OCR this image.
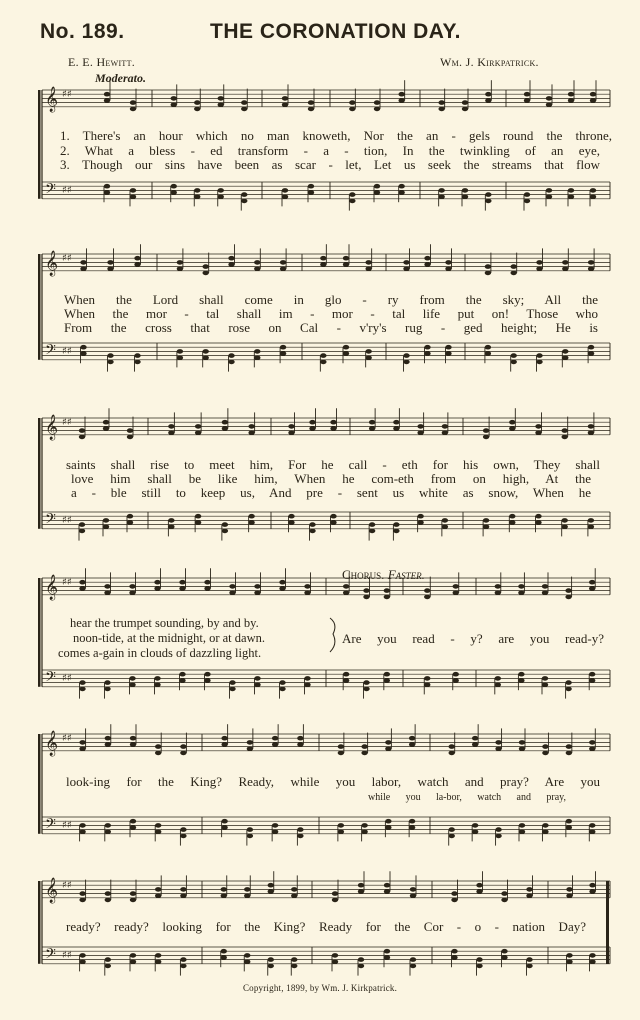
No. 189.	THE CORONATION DAY.
E. E. Hewitt.	Wm. J. Kirkpatrick.
Moderato.
𝄞
𝄢
♯♯
♯♯
𝄞
𝄢
♯♯
♯♯
𝄞
𝄢
♯♯
♯♯
𝄞
𝄢
♯♯
♯♯
𝄞
𝄢
♯♯
♯♯
𝄞
𝄢
♯♯
♯♯
1. There's an hour which no man knoweth, Nor the an - gels round the throne,
2. What a bless - ed transform - a - tion, In the twinkling of an eye,
3. Though our sins have been as scar - let, Let us seek the streams that flow
When the Lord shall come in glo - ry from the sky; All the
When the mor - tal shall im - mor - tal life put on! Those who
From the cross that rose on Cal - v'ry's rug - ged height; He is
saints shall rise to meet him, For he call - eth for his own, They shall
love him shall be like him, When he com-eth from on high, At the
a - ble still to keep us, And pre - sent us white as snow, When he
hear the trumpet sounding, by and by.
noon-tide, at the midnight, or at dawn.
comes a-gain in clouds of dazzling light.
Chorus. Faster.
Are you read - y? are you read-y?
look-ing for the King? Ready, while you labor, watch and pray? Are you
while you la-bor, watch and pray,
ready? ready? looking for the King? Ready for the Cor - o - nation Day?
Copyright, 1899, by Wm. J. Kirkpatrick.
